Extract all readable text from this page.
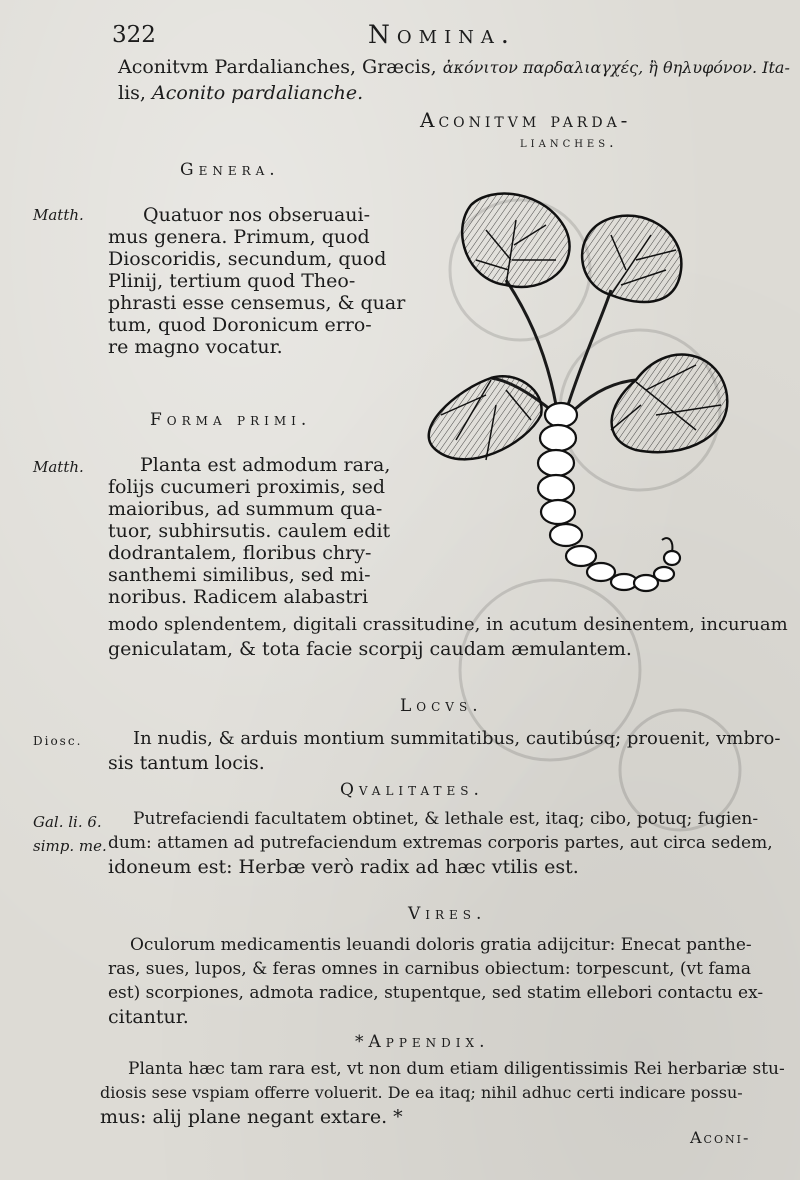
322	Nomina.
Aconitvm Pardalianches, Græcis, ἀκόνιτον παρδαλιαγχές, ἢ θηλυφόνον. Ita-
lis, Aconito pardalianche.
Aconitvm parda-
lianches.
Genera.
Matth.	Quatuor nos obseruaui-
mus genera. Primum, quod
Dioscoridis, secundum, quod
Plinij, tertium quod Theo-
phrasti esse censemus, & quar
tum, quod Doronicum erro-
re magno vocatur.
Forma primi.
Matth.	Planta est admodum rara,
folijs cucumeri proximis, sed
maioribus, ad summum qua-
tuor, subhirsutis. caulem edit
dodrantalem, floribus chry-
santhemi similibus, sed mi-
noribus. Radicem alabastri
modo splendentem, digitali crassitudine, in acutum desinentem, incuruam
geniculatam, & tota facie scorpij caudam æmulantem.
Locvs.
Diosc.	In nudis, & arduis montium summitatibus, cautibúsq; prouenit, vmbro-
sis tantum locis.
Qvalitates.
Gal. li. 6.
simp. me.
Putrefaciendi facultatem obtinet, & lethale est, itaq; cibo, potuq; fugien-
dum: attamen ad putrefaciendum extremas corporis partes, aut circa sedem,
idoneum est: Herbæ verò radix ad hæc vtilis est.
Vires.
Oculorum medicamentis leuandi doloris gratia adijcitur: Enecat panthe-
ras, sues, lupos, & feras omnes in carnibus obiectum: torpescunt, (vt fama
est) scorpiones, admota radice, stupentque, sed statim ellebori contactu ex-
citantur.
*Appendix.
Planta hæc tam rara est, vt non dum etiam diligentissimis Rei herbariæ stu-
diosis sese vspiam offerre voluerit. De ea itaq; nihil adhuc certi indicare possu-
mus: alij plane negant extare. *
Aconi-
